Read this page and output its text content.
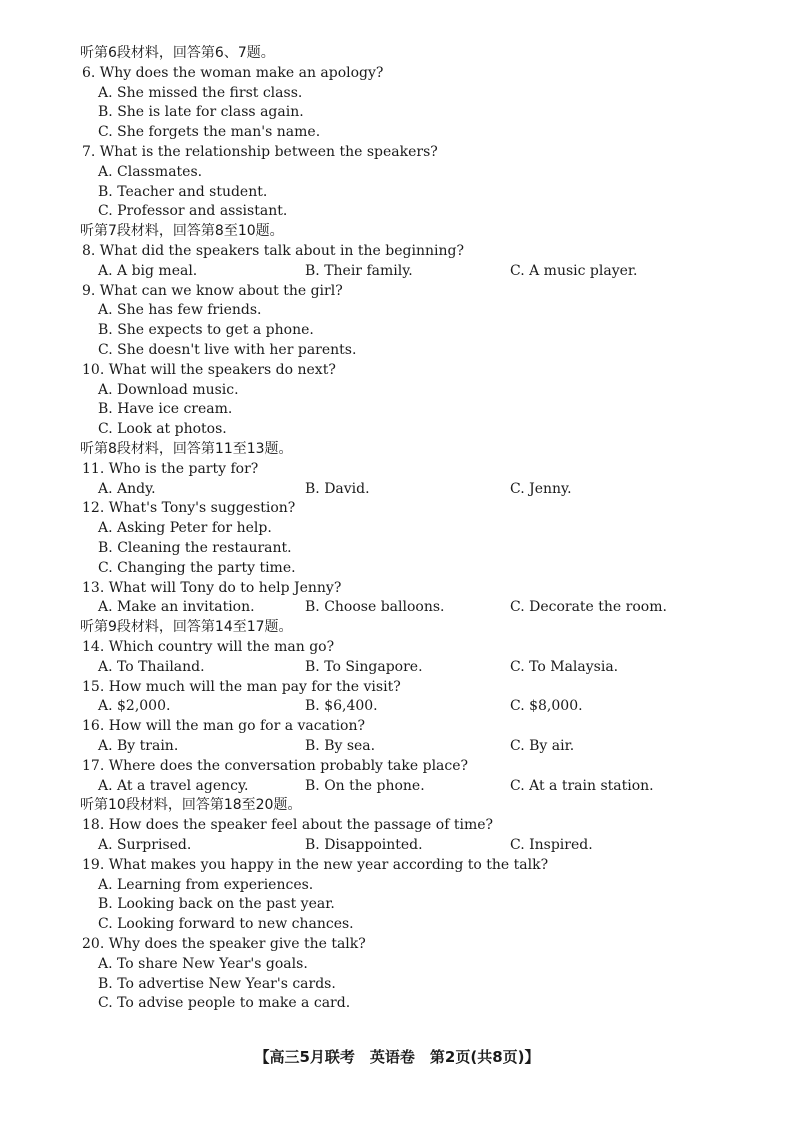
听第6段材料，回答第6、7题。
6. Why does the woman make an apology?
A. She missed the first class.
B. She is late for class again.
C. She forgets the man's name.
7. What is the relationship between the speakers?
A. Classmates.
B. Teacher and student.
C. Professor and assistant.
听第7段材料，回答第8至10题。
8. What did the speakers talk about in the beginning?
A. A big meal.	B. Their family.	C. A music player.
9. What can we know about the girl?
A. She has few friends.
B. She expects to get a phone.
C. She doesn't live with her parents.
10. What will the speakers do next?
A. Download music.
B. Have ice cream.
C. Look at photos.
听第8段材料，回答第11至13题。
11. Who is the party for?
A. Andy.	B. David.	C. Jenny.
12. What's Tony's suggestion?
A. Asking Peter for help.
B. Cleaning the restaurant.
C. Changing the party time.
13. What will Tony do to help Jenny?
A. Make an invitation.	B. Choose balloons.	C. Decorate the room.
听第9段材料，回答第14至17题。
14. Which country will the man go?
A. To Thailand.	B. To Singapore.	C. To Malaysia.
15. How much will the man pay for the visit?
A. $2,000.	B. $6,400.	C. $8,000.
16. How will the man go for a vacation?
A. By train.	B. By sea.	C. By air.
17. Where does the conversation probably take place?
A. At a travel agency.	B. On the phone.	C. At a train station.
听第10段材料，回答第18至20题。
18. How does the speaker feel about the passage of time?
A. Surprised.	B. Disappointed.	C. Inspired.
19. What makes you happy in the new year according to the talk?
A. Learning from experiences.
B. Looking back on the past year.
C. Looking forward to new chances.
20. Why does the speaker give the talk?
A. To share New Year's goals.
B. To advertise New Year's cards.
C. To advise people to make a card.
【高三5月联考　英语卷　第2页(共8页)】
